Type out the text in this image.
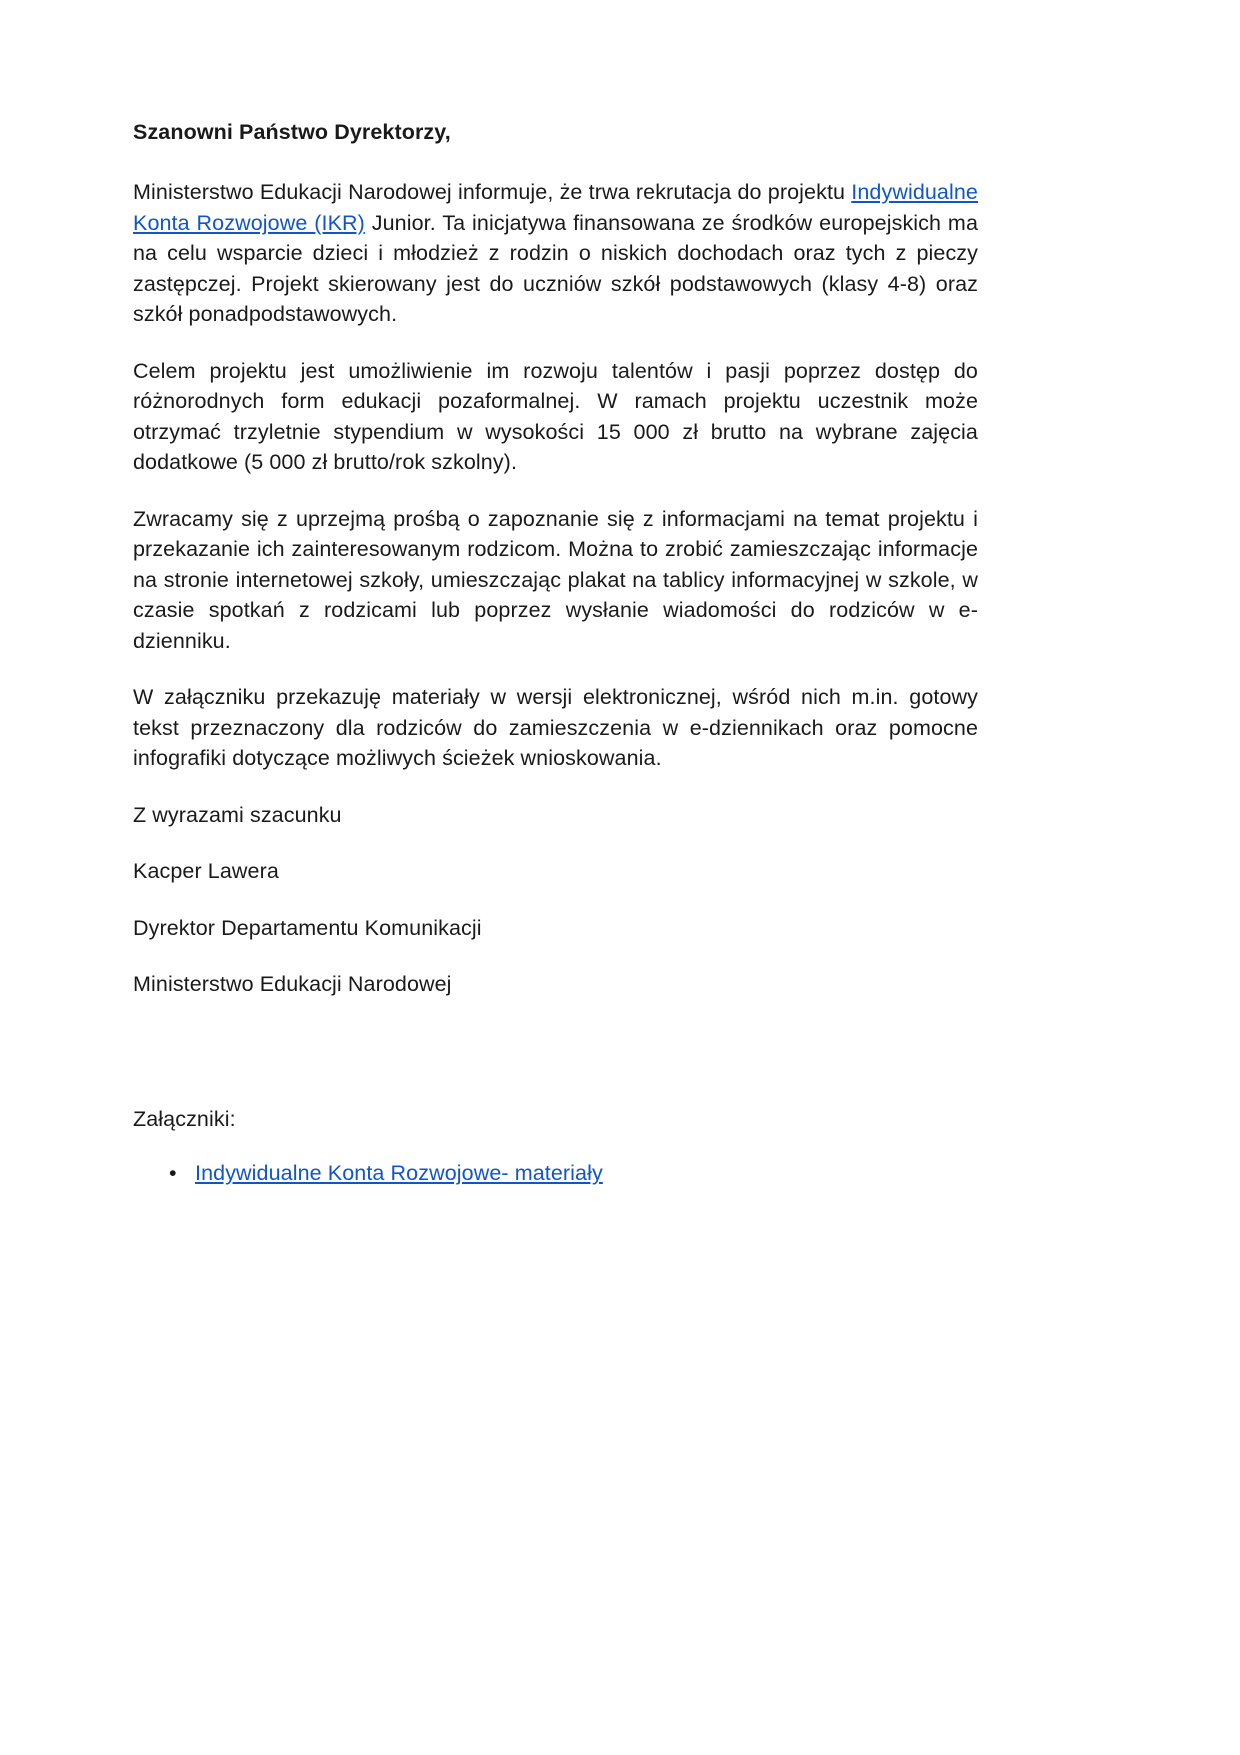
Szanowni Państwo Dyrektorzy,

Ministerstwo Edukacji Narodowej informuje, że trwa rekrutacja do projektu Indywidualne Konta Rozwojowe (IKR) Junior. Ta inicjatywa finansowana ze środków europejskich ma na celu wsparcie dzieci i młodzież z rodzin o niskich dochodach oraz tych z pieczy zastępczej. Projekt skierowany jest do uczniów szkół podstawowych (klasy 4-8) oraz szkół ponadpodstawowych.

Celem projektu jest umożliwienie im rozwoju talentów i pasji poprzez dostęp do różnorodnych form edukacji pozaformalnej. W ramach projektu uczestnik może otrzymać trzyletnie stypendium w wysokości 15 000 zł brutto na wybrane zajęcia dodatkowe (5 000 zł brutto/rok szkolny).

Zwracamy się z uprzejmą prośbą o zapoznanie się z informacjami na temat projektu i przekazanie ich zainteresowanym rodzicom. Można to zrobić zamieszczając informacje na stronie internetowej szkoły, umieszczając plakat na tablicy informacyjnej w szkole, w czasie spotkań z rodzicami lub poprzez wysłanie wiadomości do rodziców w e-dzienniku.

W załączniku przekazuję materiały w wersji elektronicznej, wśród nich m.in. gotowy tekst przeznaczony dla rodziców do zamieszczenia w e-dziennikach oraz pomocne infografiki dotyczące możliwych ścieżek wnioskowania.

Z wyrazami szacunku
Kacper Lawera
Dyrektor Departamentu Komunikacji
Ministerstwo Edukacji Narodowej
Załączniki:
• Indywidualne Konta Rozwojowe- materiały
